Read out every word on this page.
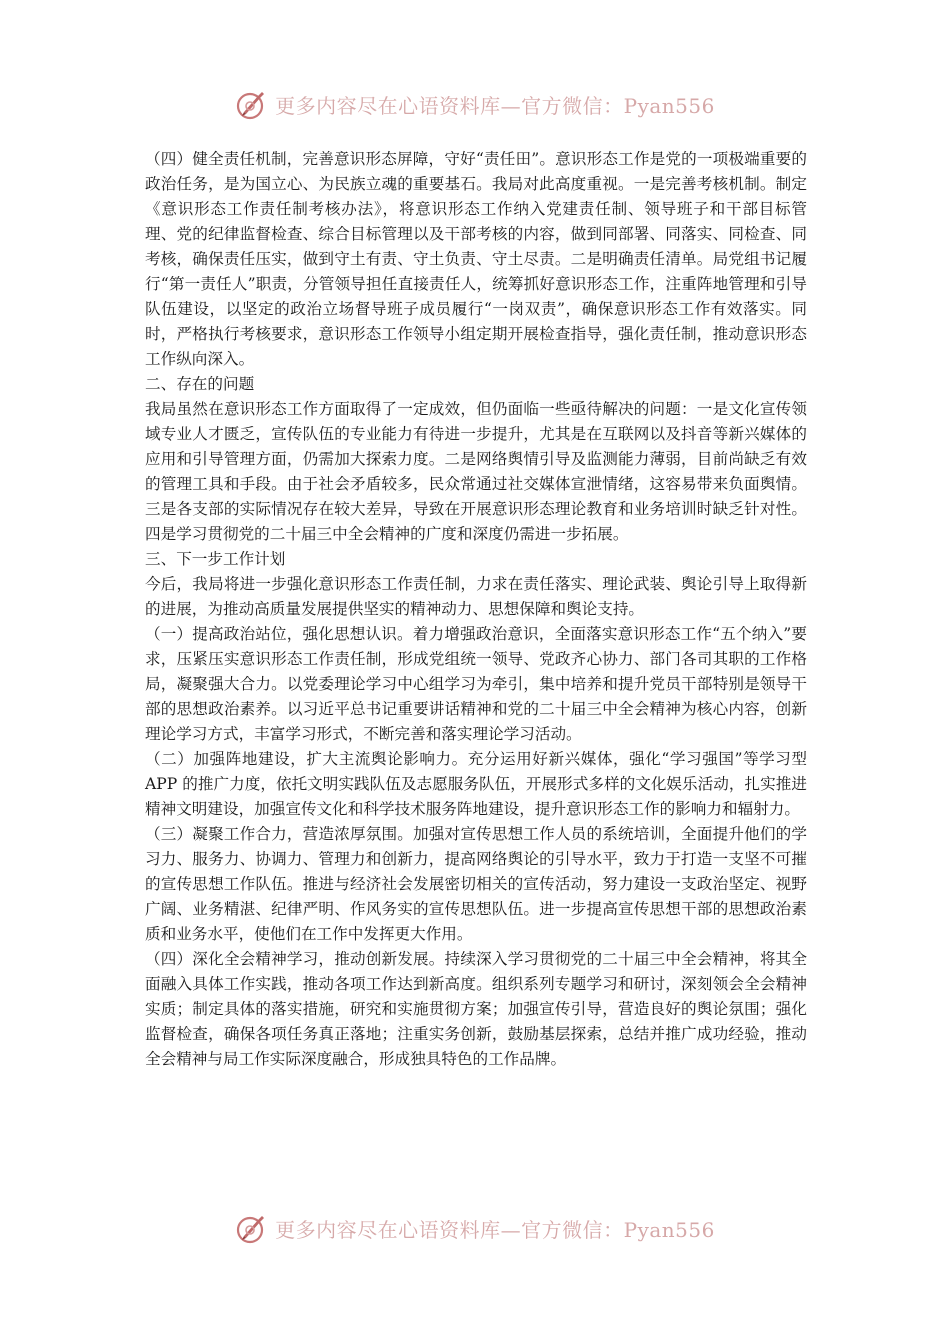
更多内容尽在心语资料库—官方微信：Pyan556

（四）健全责任机制，完善意识形态屏障，守好“责任田”。意识形态工作是党的一项极端重要的政治任务，是为国立心、为民族立魂的重要基石。我局对此高度重视。一是完善考核机制。制定《意识形态工作责任制考核办法》，将意识形态工作纳入党建责任制、领导班子和干部目标管理、党的纪律监督检查、综合目标管理以及干部考核的内容，做到同部署、同落实、同检查、同考核，确保责任压实，做到守土有责、守土负责、守土尽责。二是明确责任清单。局党组书记履行“第一责任人”职责，分管领导担任直接责任人，统筹抓好意识形态工作，注重阵地管理和引导队伍建设，以坚定的政治立场督导班子成员履行“一岗双责”，确保意识形态工作有效落实。同时，严格执行考核要求，意识形态工作领导小组定期开展检查指导，强化责任制，推动意识形态工作纵向深入。

二、存在的问题

我局虽然在意识形态工作方面取得了一定成效，但仍面临一些亟待解决的问题：一是文化宣传领域专业人才匮乏，宣传队伍的专业能力有待进一步提升，尤其是在互联网以及抖音等新兴媒体的应用和引导管理方面，仍需加大探索力度。二是网络舆情引导及监测能力薄弱，目前尚缺乏有效的管理工具和手段。由于社会矛盾较多，民众常通过社交媒体宣泄情绪，这容易带来负面舆情。三是各支部的实际情况存在较大差异，导致在开展意识形态理论教育和业务培训时缺乏针对性。四是学习贯彻党的二十届三中全会精神的广度和深度仍需进一步拓展。

三、下一步工作计划

今后，我局将进一步强化意识形态工作责任制，力求在责任落实、理论武装、舆论引导上取得新的进展，为推动高质量发展提供坚实的精神动力、思想保障和舆论支持。

（一）提高政治站位，强化思想认识。着力增强政治意识，全面落实意识形态工作“五个纳入”要求，压紧压实意识形态工作责任制，形成党组统一领导、党政齐心协力、部门各司其职的工作格局，凝聚强大合力。以党委理论学习中心组学习为牵引，集中培养和提升党员干部特别是领导干部的思想政治素养。以习近平总书记重要讲话精神和党的二十届三中全会精神为核心内容，创新理论学习方式，丰富学习形式，不断完善和落实理论学习活动。

（二）加强阵地建设，扩大主流舆论影响力。充分运用好新兴媒体，强化“学习强国”等学习型 APP 的推广力度，依托文明实践队伍及志愿服务队伍，开展形式多样的文化娱乐活动，扎实推进精神文明建设，加强宣传文化和科学技术服务阵地建设，提升意识形态工作的影响力和辐射力。

（三）凝聚工作合力，营造浓厚氛围。加强对宣传思想工作人员的系统培训，全面提升他们的学习力、服务力、协调力、管理力和创新力，提高网络舆论的引导水平，致力于打造一支坚不可摧的宣传思想工作队伍。推进与经济社会发展密切相关的宣传活动，努力建设一支政治坚定、视野广阔、业务精湛、纪律严明、作风务实的宣传思想队伍。进一步提高宣传思想干部的思想政治素质和业务水平，使他们在工作中发挥更大作用。

（四）深化全会精神学习，推动创新发展。持续深入学习贯彻党的二十届三中全会精神，将其全面融入具体工作实践，推动各项工作达到新高度。组织系列专题学习和研讨，深刻领会全会精神实质；制定具体的落实措施，研究和实施贯彻方案；加强宣传引导，营造良好的舆论氛围；强化监督检查，确保各项任务真正落地；注重实务创新，鼓励基层探索，总结并推广成功经验，推动全会精神与局工作实际深度融合，形成独具特色的工作品牌。

更多内容尽在心语资料库—官方微信：Pyan556
